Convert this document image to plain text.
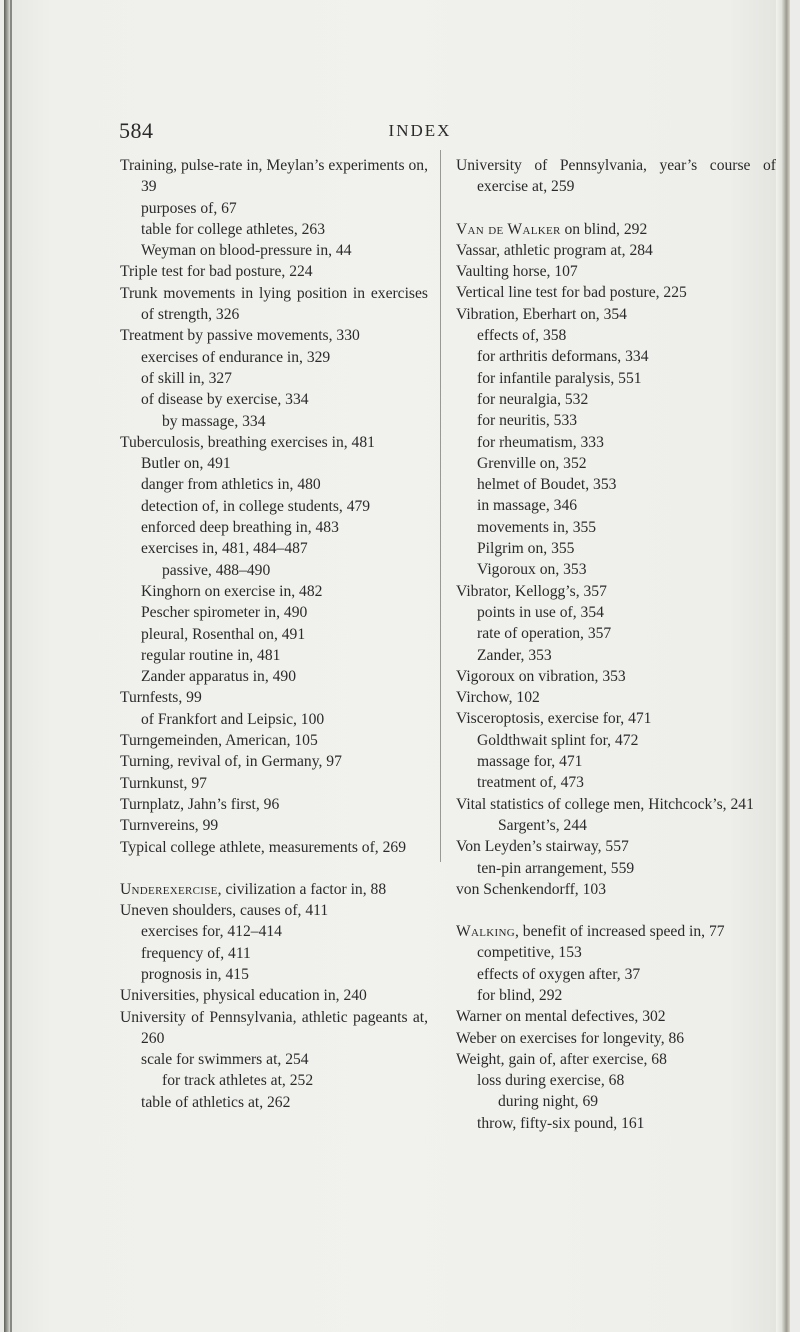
584	INDEX
Training, pulse-rate in, Meylan’s experiments on, 39
purposes of, 67
table for college athletes, 263
Weyman on blood-pressure in, 44
Triple test for bad posture, 224
Trunk movements in lying position in exercises of strength, 326
Treatment by passive movements, 330
exercises of endurance in, 329
of skill in, 327
of disease by exercise, 334
by massage, 334
Tuberculosis, breathing exercises in, 481
Butler on, 491
danger from athletics in, 480
detection of, in college students, 479
enforced deep breathing in, 483
exercises in, 481, 484–487
passive, 488–490
Kinghorn on exercise in, 482
Pescher spirometer in, 490
pleural, Rosenthal on, 491
regular routine in, 481
Zander apparatus in, 490
Turnfests, 99
of Frankfort and Leipsic, 100
Turngemeinden, American, 105
Turning, revival of, in Germany, 97
Turnkunst, 97
Turnplatz, Jahn’s first, 96
Turnvereins, 99
Typical college athlete, measurements of, 269
Underexercise, civilization a factor in, 88
Uneven shoulders, causes of, 411
exercises for, 412–414
frequency of, 411
prognosis in, 415
Universities, physical education in, 240
University of Pennsylvania, athletic pageants at, 260
scale for swimmers at, 254
for track athletes at, 252
table of athletics at, 262
University of Pennsylvania, year’s course of exercise at, 259
Van de Walker on blind, 292
Vassar, athletic program at, 284
Vaulting horse, 107
Vertical line test for bad posture, 225
Vibration, Eberhart on, 354
effects of, 358
for arthritis deformans, 334
for infantile paralysis, 551
for neuralgia, 532
for neuritis, 533
for rheumatism, 333
Grenville on, 352
helmet of Boudet, 353
in massage, 346
movements in, 355
Pilgrim on, 355
Vigoroux on, 353
Vibrator, Kellogg’s, 357
points in use of, 354
rate of operation, 357
Zander, 353
Vigoroux on vibration, 353
Virchow, 102
Visceroptosis, exercise for, 471
Goldthwait splint for, 472
massage for, 471
treatment of, 473
Vital statistics of college men, Hitchcock’s, 241
Sargent’s, 244
Von Leyden’s stairway, 557
ten-pin arrangement, 559
von Schenkendorff, 103
Walking, benefit of increased speed in, 77
competitive, 153
effects of oxygen after, 37
for blind, 292
Warner on mental defectives, 302
Weber on exercises for longevity, 86
Weight, gain of, after exercise, 68
loss during exercise, 68
during night, 69
throw, fifty-six pound, 161
